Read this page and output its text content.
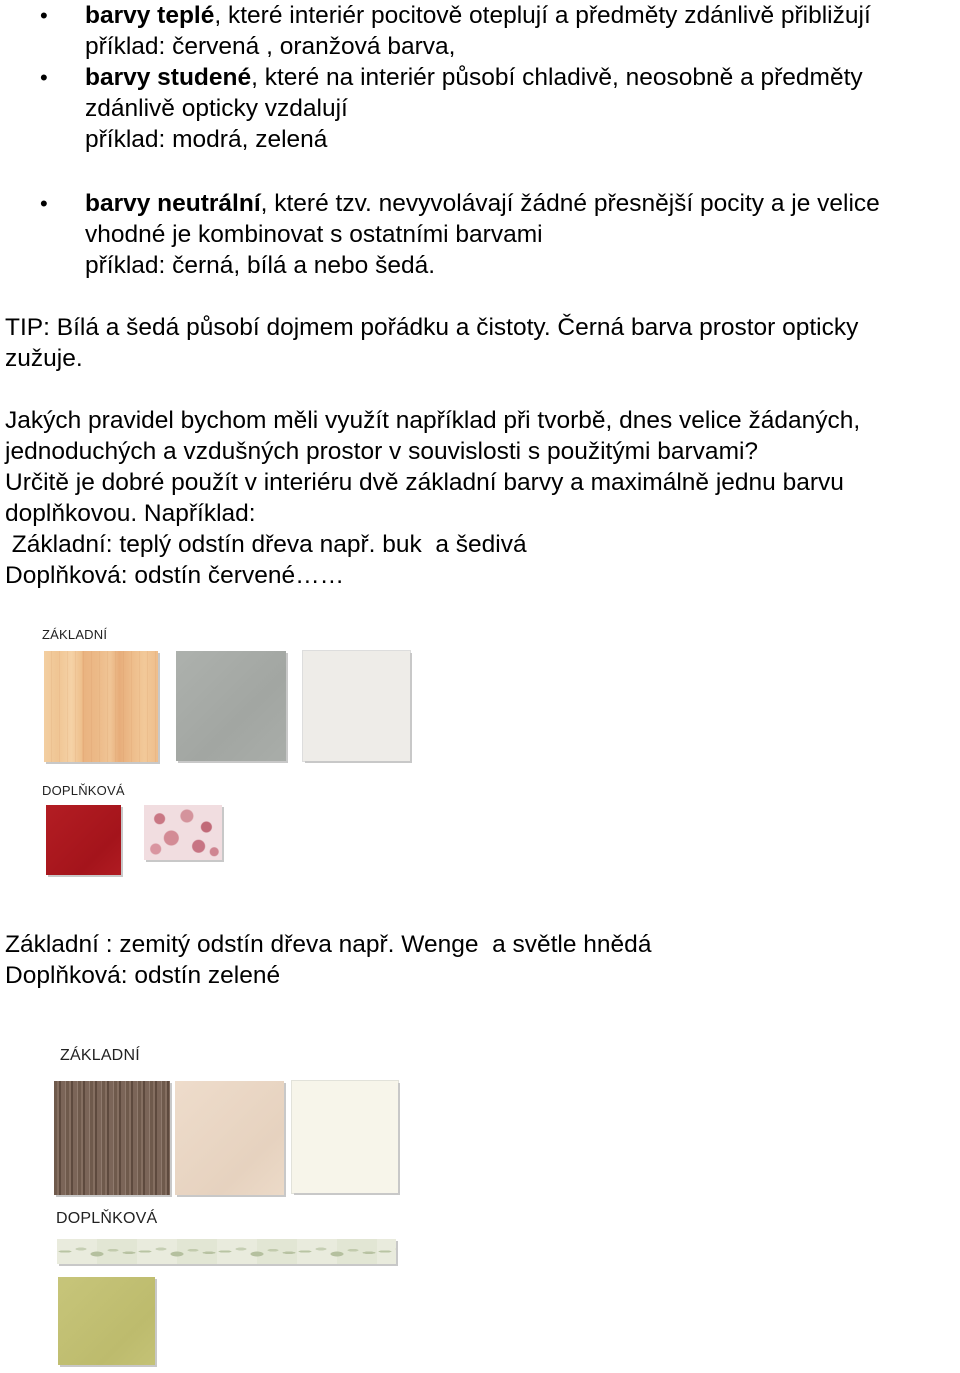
• barvy teplé, které interiér pocitově oteplují a předměty zdánlivě přibližují
příklad: červená , oranžová barva,
• barvy studené, které na interiér působí chladivě, neosobně a předměty
zdánlivě opticky vzdalují
příklad: modrá, zelená
• barvy neutrální, které tzv. nevyvolávají žádné přesnější pocity a je velice
vhodné je kombinovat s ostatními barvami
příklad: černá, bílá a nebo šedá.
TIP: Bílá a šedá působí dojmem pořádku a čistoty. Černá barva prostor opticky
zužuje.
Jakých pravidel bychom měli využít například při tvorbě, dnes velice žádaných,
jednoduchých a vzdušných prostor v souvislosti s použitými barvami?
Určitě je dobré použít v interiéru dvě základní barvy a maximálně jednu barvu
doplňkovou. Například:
Základní: teplý odstín dřeva např. buk  a šedivá
Doplňková: odstín červené……
ZÁKLADNÍ
DOPLŇKOVÁ
Základní : zemitý odstín dřeva např. Wenge  a světle hnědá
Doplňková: odstín zelené
ZÁKLADNÍ
DOPLŇKOVÁ
